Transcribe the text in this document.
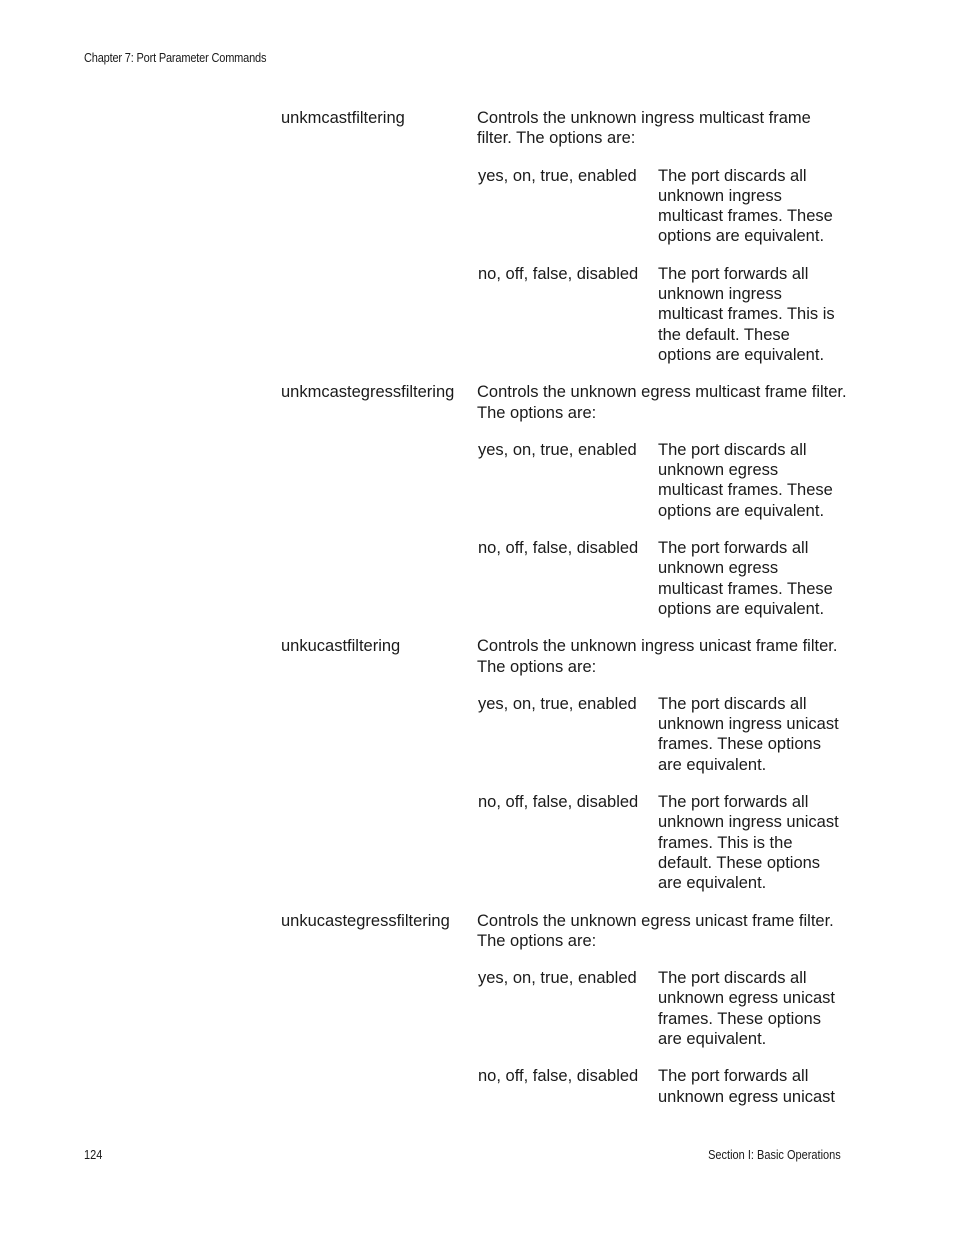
Chapter 7: Port Parameter Commands
unkmcastfiltering	Controls the unknown ingress multicast frame filter. The options are:
yes, on, true, enabled The port discards all unknown ingress multicast frames. These options are equivalent.
no, off, false, disabled The port forwards all unknown ingress multicast frames. This is the default. These options are equivalent.
unkmcastegressfiltering Controls the unknown egress multicast frame filter. The options are:
yes, on, true, enabled The port discards all unknown egress multicast frames. These options are equivalent.
no, off, false, disabled The port forwards all unknown egress multicast frames. These options are equivalent.
unkucastfiltering	Controls the unknown ingress unicast frame filter. The options are:
yes, on, true, enabled The port discards all unknown ingress unicast frames. These options are equivalent.
no, off, false, disabled The port forwards all unknown ingress unicast frames. This is the default. These options are equivalent.
unkucastegressfiltering Controls the unknown egress unicast frame filter. The options are:
yes, on, true, enabled The port discards all unknown egress unicast frames. These options are equivalent.
no, off, false, disabled The port forwards all unknown egress unicast
124	Section I: Basic Operations
